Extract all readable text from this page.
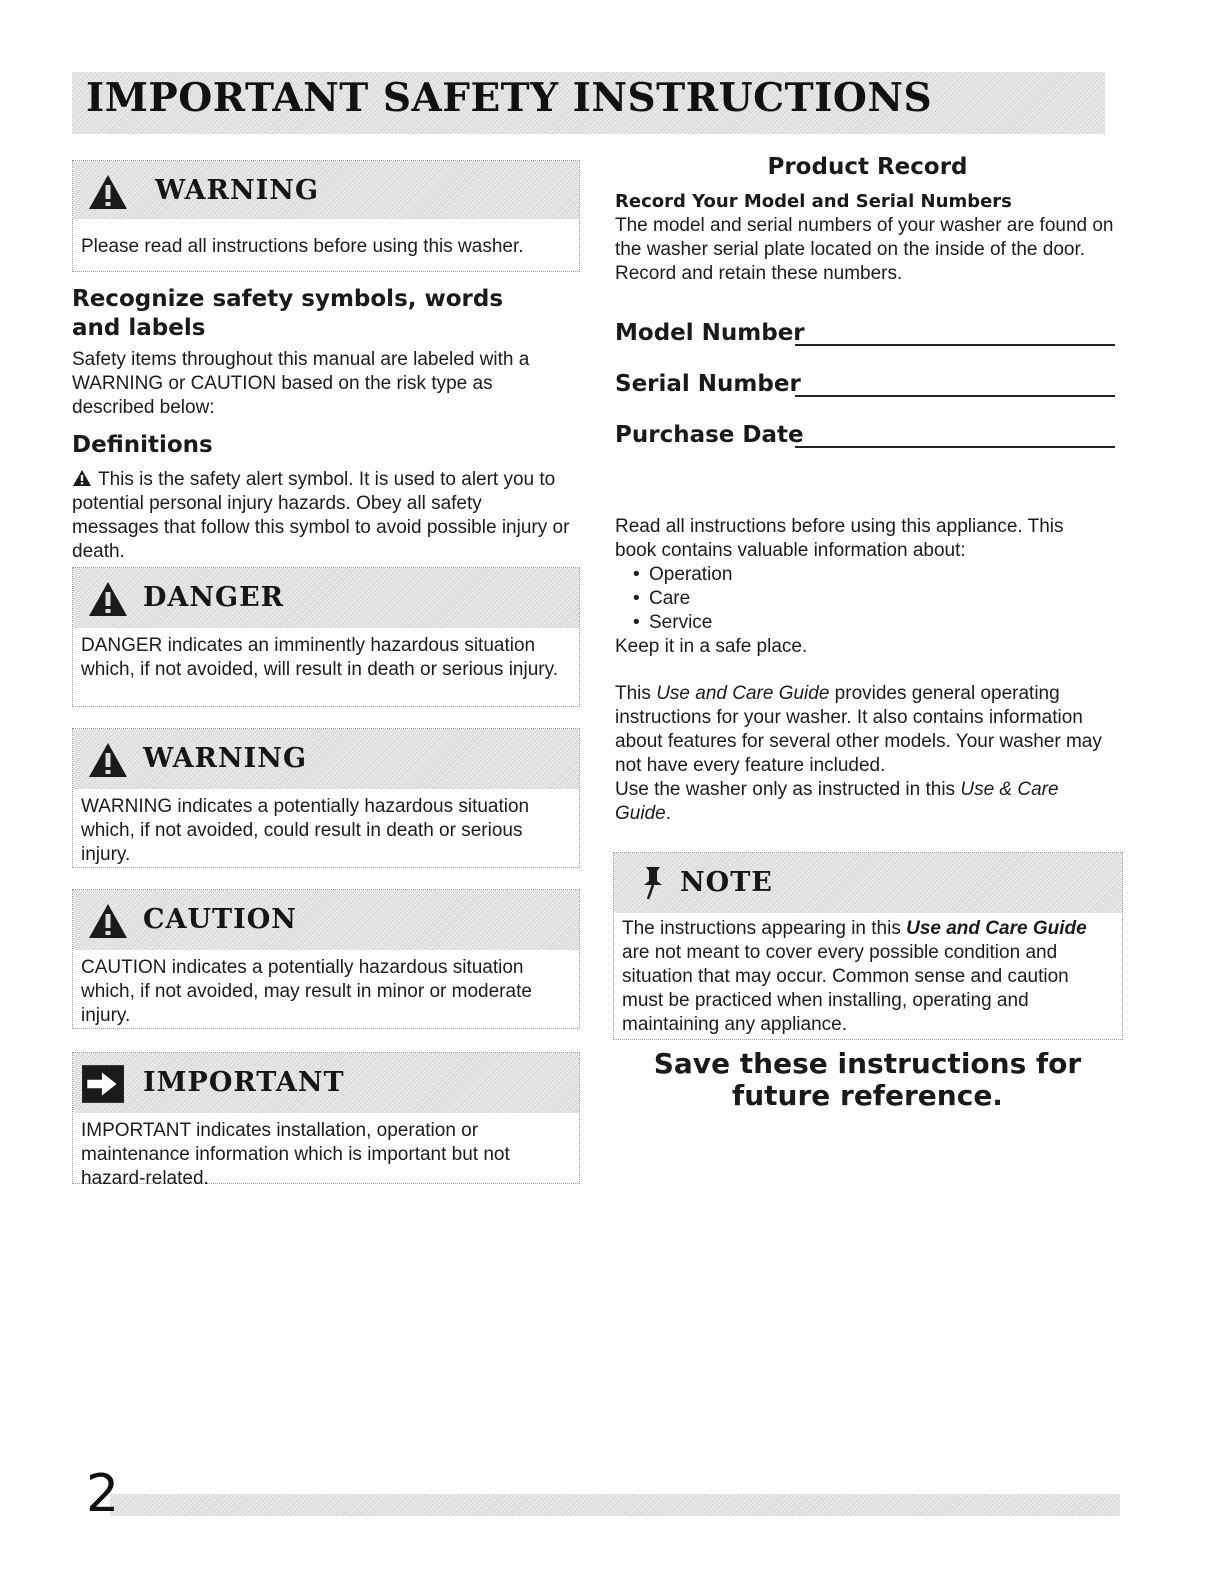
IMPORTANT SAFETY INSTRUCTIONS
WARNING
Please read all instructions before using this washer.
Recognize safety symbols, words and labels
Safety items throughout this manual are labeled with a WARNING or CAUTION based on the risk type as described below:
Definitions
This is the safety alert symbol. It is used to alert you to potential personal injury hazards. Obey all safety messages that follow this symbol to avoid possible injury or death.
DANGER
DANGER indicates an imminently hazardous situation which, if not avoided, will result in death or serious injury.
WARNING
WARNING indicates a potentially hazardous situation which, if not avoided, could result in death or serious injury.
CAUTION
CAUTION indicates a potentially hazardous situation which, if not avoided, may result in minor or moderate injury.
IMPORTANT
IMPORTANT indicates installation, operation or maintenance information which is important but not hazard-related.
Product Record
Record Your Model and Serial Numbers
The model and serial numbers of your washer are found on the washer serial plate located on the inside of the door. Record and retain these numbers.
Model Number
Serial Number
Purchase Date
Read all instructions before using this appliance. This book contains valuable information about:
• Operation
• Care
• Service
Keep it in a safe place.
This Use and Care Guide provides general operating instructions for your washer. It also contains information about features for several other models. Your washer may not have every feature included.
Use the washer only as instructed in this Use & Care Guide.
NOTE
The instructions appearing in this Use and Care Guide are not meant to cover every possible condition and situation that may occur. Common sense and caution must be practiced when installing, operating and maintaining any appliance.
Save these instructions for
future reference.
2
